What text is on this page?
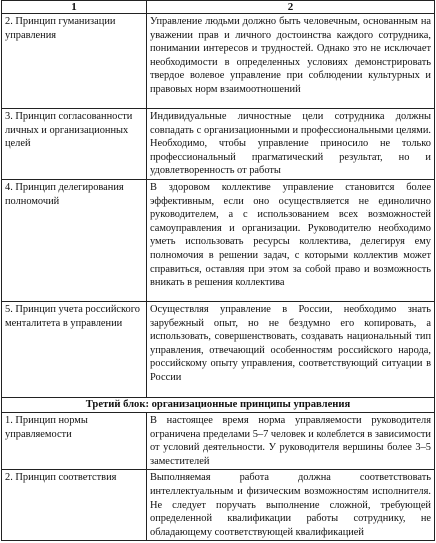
1	2

2. Принцип гуманизации управления	Управление людьми должно быть человечным, основанным на уважении прав и личного достоинства каждого сотрудника, понимании интересов и трудностей. Однако это не исключает необходимости в определенных условиях демонстрировать твердое волевое управление при соблюдении культурных и правовых норм взаимоотношений

3. Принцип согласованности личных и организационных целей	Индивидуальные личностные цели сотрудника должны совпадать с организационными и профессиональными целями. Необходимо, чтобы управление приносило не только профессиональный прагматический результат, но и удовлетворенность от работы

4. Принцип делегирования полномочий	В здоровом коллективе управление становится более эффективным, если оно осуществляется не единолично руководителем, а с использованием всех возможностей самоуправления и организации. Руководителю необходимо уметь использовать ресурсы коллектива, делегируя ему полномочия в решении задач, с которыми коллектив может справиться, оставляя при этом за собой право и возможность вникать в решения коллектива

5. Принцип учета российского менталитета в управлении	Осуществляя управление в России, необходимо знать зарубежный опыт, но не бездумно его копировать, а использовать, совершенствовать, создавать национальный тип управления, отвечающий особенностям российского народа, российскому опыту управления, соответствующий ситуации в России
Третий блок: организационные принципы управления	

1. Принцип нормы управляемости	В настоящее время норма управляемости руководителя ограничена пределами 5–7 человек и колеблется в зависимости от условий деятельности. У руководителя вершины более 3–5 заместителей

2. Принцип соответствия	Выполняемая работа должна соответствовать интеллектуальным и физическим возможностям исполнителя. Не следует поручать выполнение сложной, требующей определенной квалификации работы сотруднику, не обладающему соответствующей квалификацией
